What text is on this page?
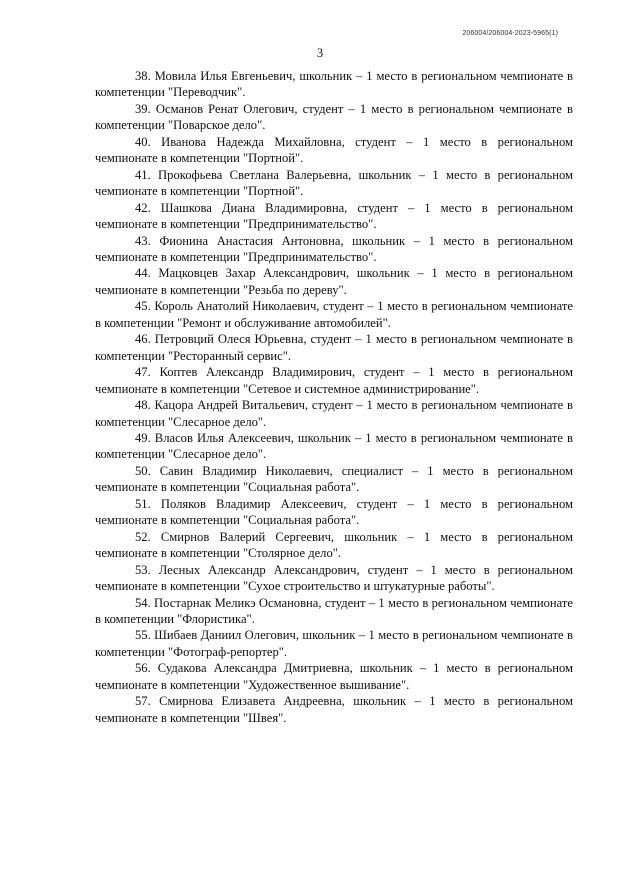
206004/206004-2023-5965(1)
3

38. Мовила Илья Евгеньевич, школьник – 1 место в региональном чемпионате в компетенции "Переводчик".

39. Османов Ренат Олегович, студент – 1 место в региональном чемпионате в компетенции "Поварское дело".

40. Иванова Надежда Михайловна, студент – 1 место в региональном чемпионате в компетенции "Портной".

41. Прокофьева Светлана Валерьевна, школьник – 1 место в региональном чемпионате в компетенции "Портной".

42. Шашкова Диана Владимировна, студент – 1 место в региональном чемпионате в компетенции "Предпринимательство".

43. Фионина Анастасия Антоновна, школьник – 1 место в региональном чемпионате в компетенции "Предпринимательство".

44. Мацковцев Захар Александрович, школьник – 1 место в региональном чемпионате в компетенции "Резьба по дереву".

45. Король Анатолий Николаевич, студент – 1 место в региональном чемпионате в компетенции "Ремонт и обслуживание автомобилей".

46. Петровций Олеся Юрьевна, студент – 1 место в региональном чемпионате в компетенции "Ресторанный сервис".

47. Коптев Александр Владимирович, студент – 1 место в региональном чемпионате в компетенции "Сетевое и системное администрирование".

48. Кацора Андрей Витальевич, студент – 1 место в региональном чемпионате в компетенции "Слесарное дело".

49. Власов Илья Алексеевич, школьник – 1 место в региональном чемпионате в компетенции "Слесарное дело".

50. Савин Владимир Николаевич, специалист – 1 место в региональном чемпионате в компетенции "Социальная работа".

51. Поляков Владимир Алексеевич, студент – 1 место в региональном чемпионате в компетенции "Социальная работа".

52. Смирнов Валерий Сергеевич, школьник – 1 место в региональном чемпионате в компетенции "Столярное дело".

53. Лесных Александр Александрович, студент – 1 место в региональном чемпионате в компетенции "Сухое строительство и штукатурные работы".

54. Постарнак Меликэ Османовна, студент – 1 место в региональном чемпионате в компетенции "Флористика".

55. Шибаев Даниил Олегович, школьник – 1 место в региональном чемпионате в компетенции "Фотограф-репортер".

56. Судакова Александра Дмитриевна, школьник – 1 место в региональном чемпионате в компетенции "Художественное вышивание".

57. Смирнова Елизавета Андреевна, школьник – 1 место в региональном чемпионате в компетенции "Швея".
